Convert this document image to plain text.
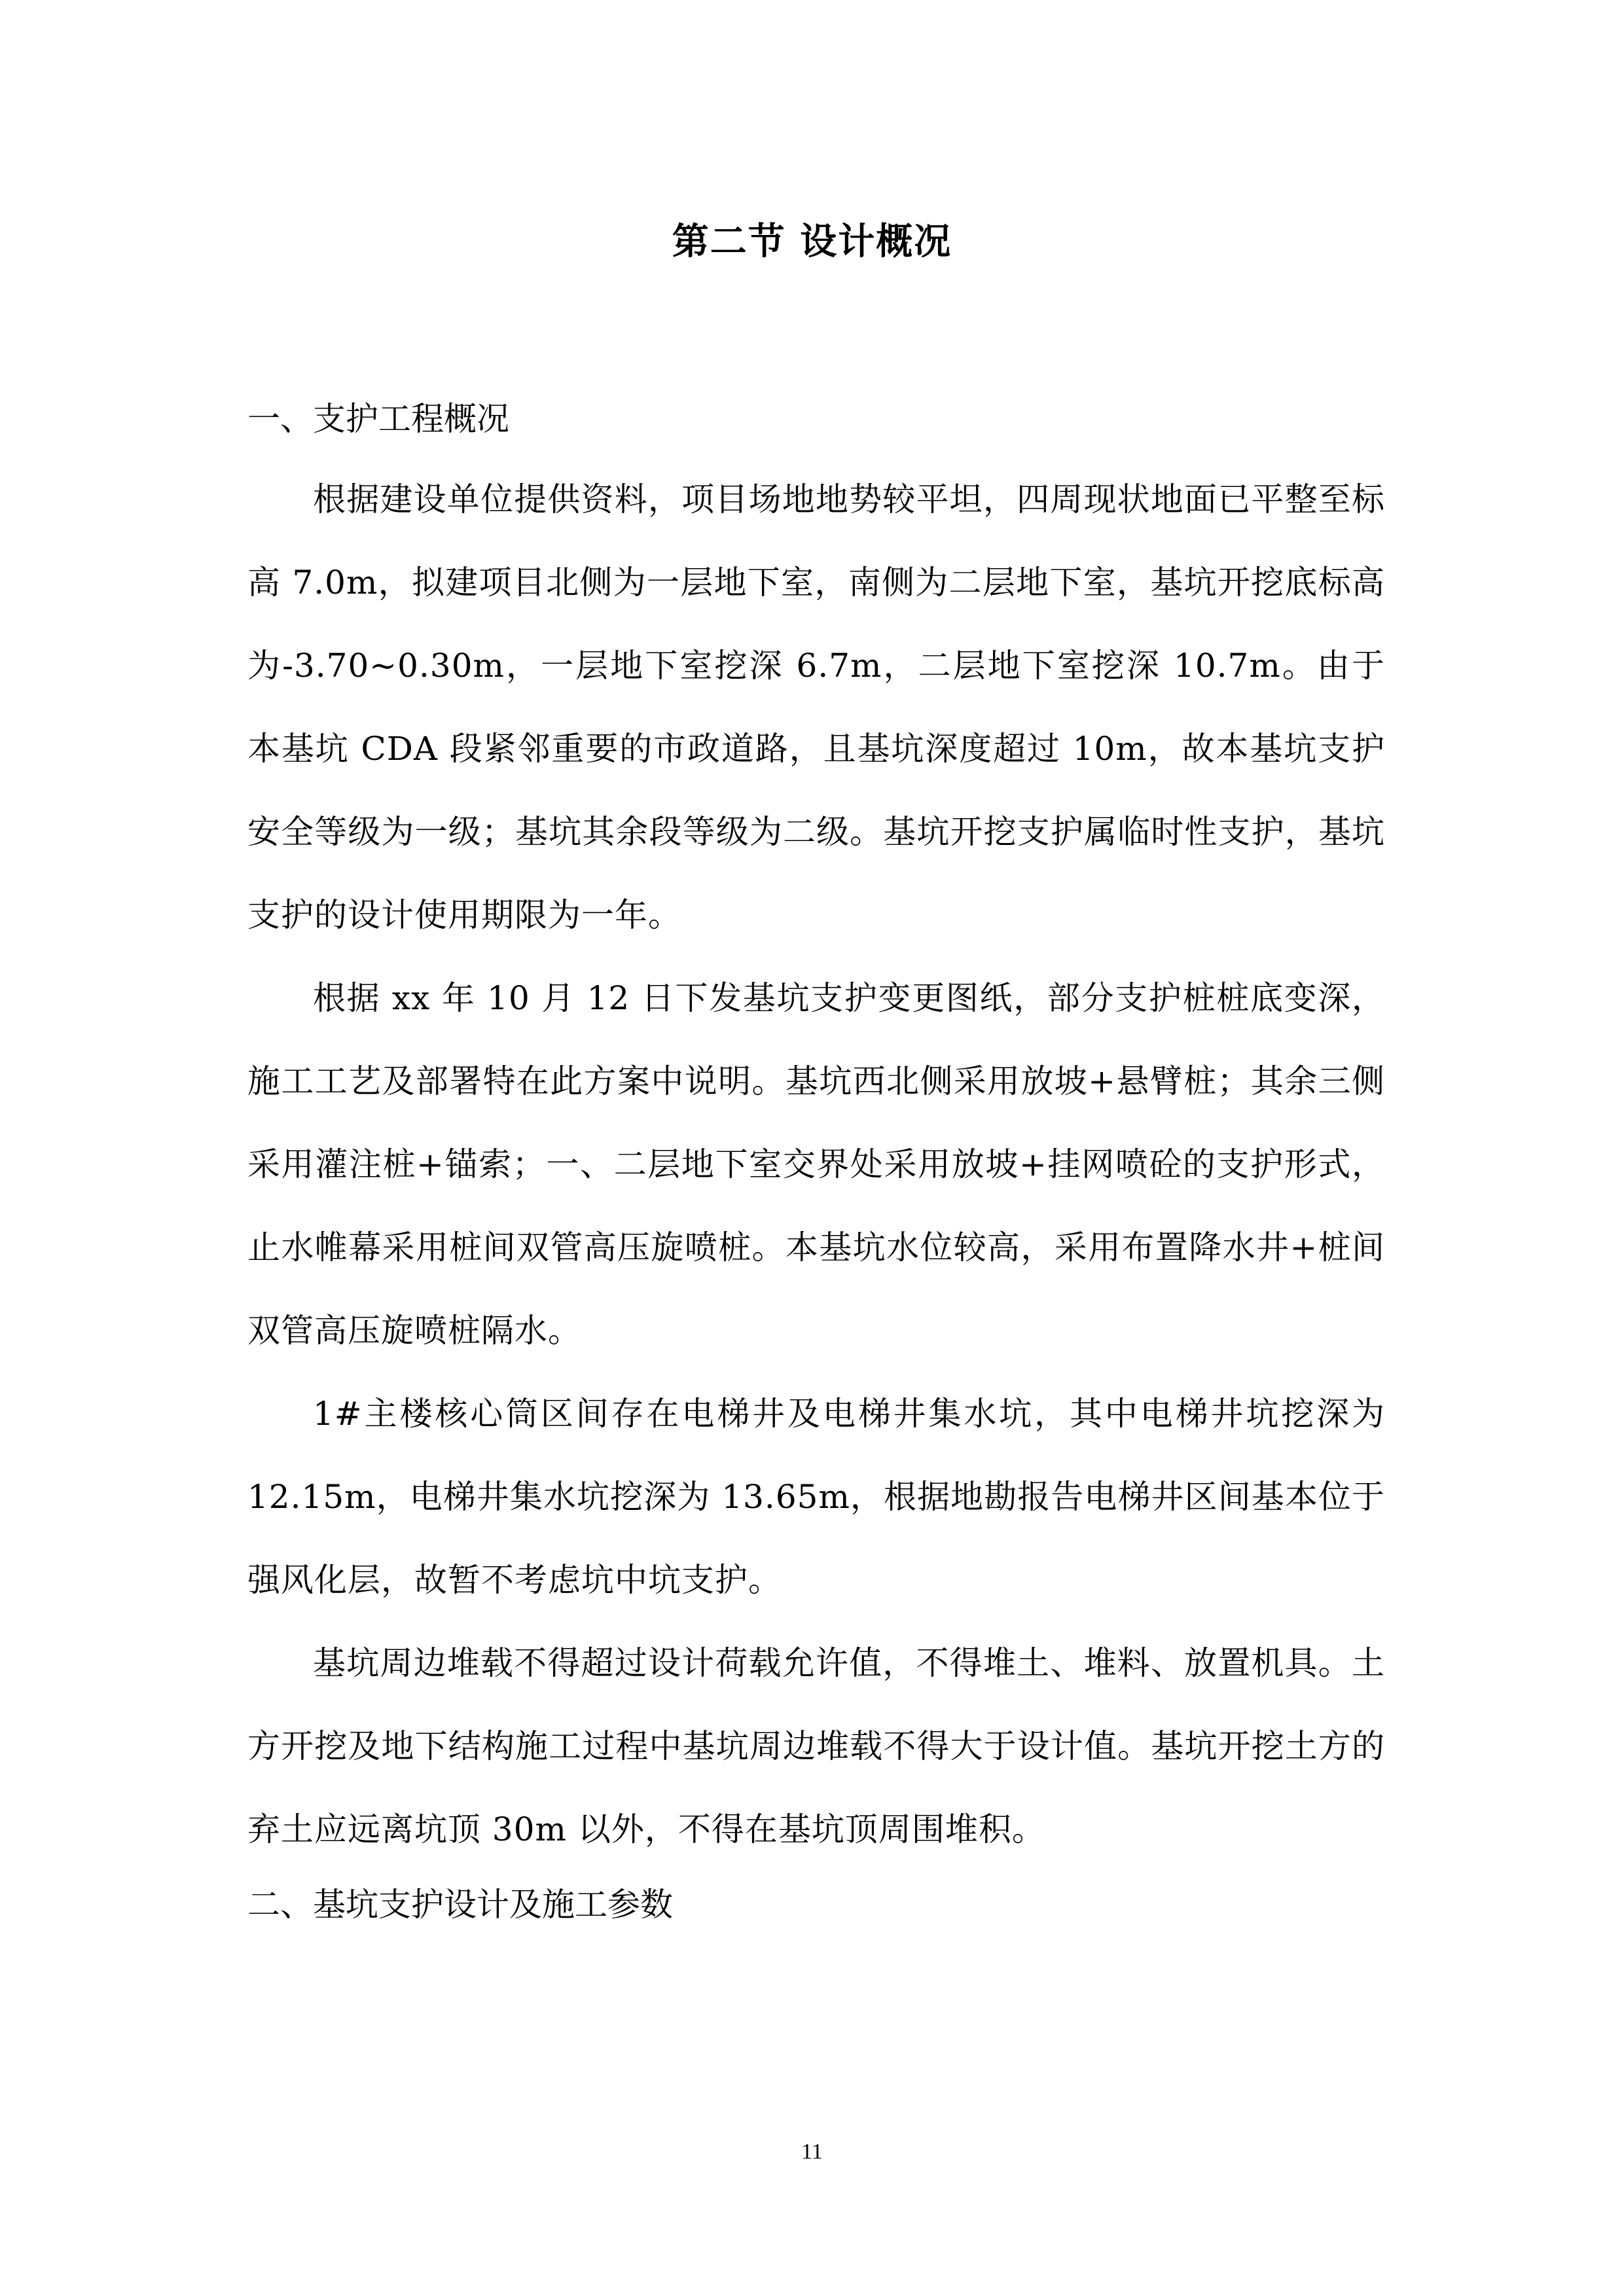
第二节 设计概况
一、支护工程概况

根据建设单位提供资料，项目场地地势较平坦，四周现状地面已平整至标高 7.0m，拟建项目北侧为一层地下室，南侧为二层地下室，基坑开挖底标高为-3.70~0.30m，一层地下室挖深 6.7m，二层地下室挖深 10.7m。由于本基坑 CDA 段紧邻重要的市政道路，且基坑深度超过 10m，故本基坑支护安全等级为一级；基坑其余段等级为二级。基坑开挖支护属临时性支护，基坑支护的设计使用期限为一年。

根据 xx 年 10 月 12 日下发基坑支护变更图纸，部分支护桩桩底变深，施工工艺及部署特在此方案中说明。基坑西北侧采用放坡+悬臂桩；其余三侧采用灌注桩+锚索；一、二层地下室交界处采用放坡+挂网喷砼的支护形式，止水帷幕采用桩间双管高压旋喷桩。本基坑水位较高，采用布置降水井+桩间双管高压旋喷桩隔水。

1#主楼核心筒区间存在电梯井及电梯井集水坑，其中电梯井坑挖深为 12.15m，电梯井集水坑挖深为 13.65m，根据地勘报告电梯井区间基本位于强风化层，故暂不考虑坑中坑支护。

基坑周边堆载不得超过设计荷载允许值，不得堆土、堆料、放置机具。土方开挖及地下结构施工过程中基坑周边堆载不得大于设计值。基坑开挖土方的弃土应远离坑顶 30m 以外，不得在基坑顶周围堆积。

二、基坑支护设计及施工参数
11
